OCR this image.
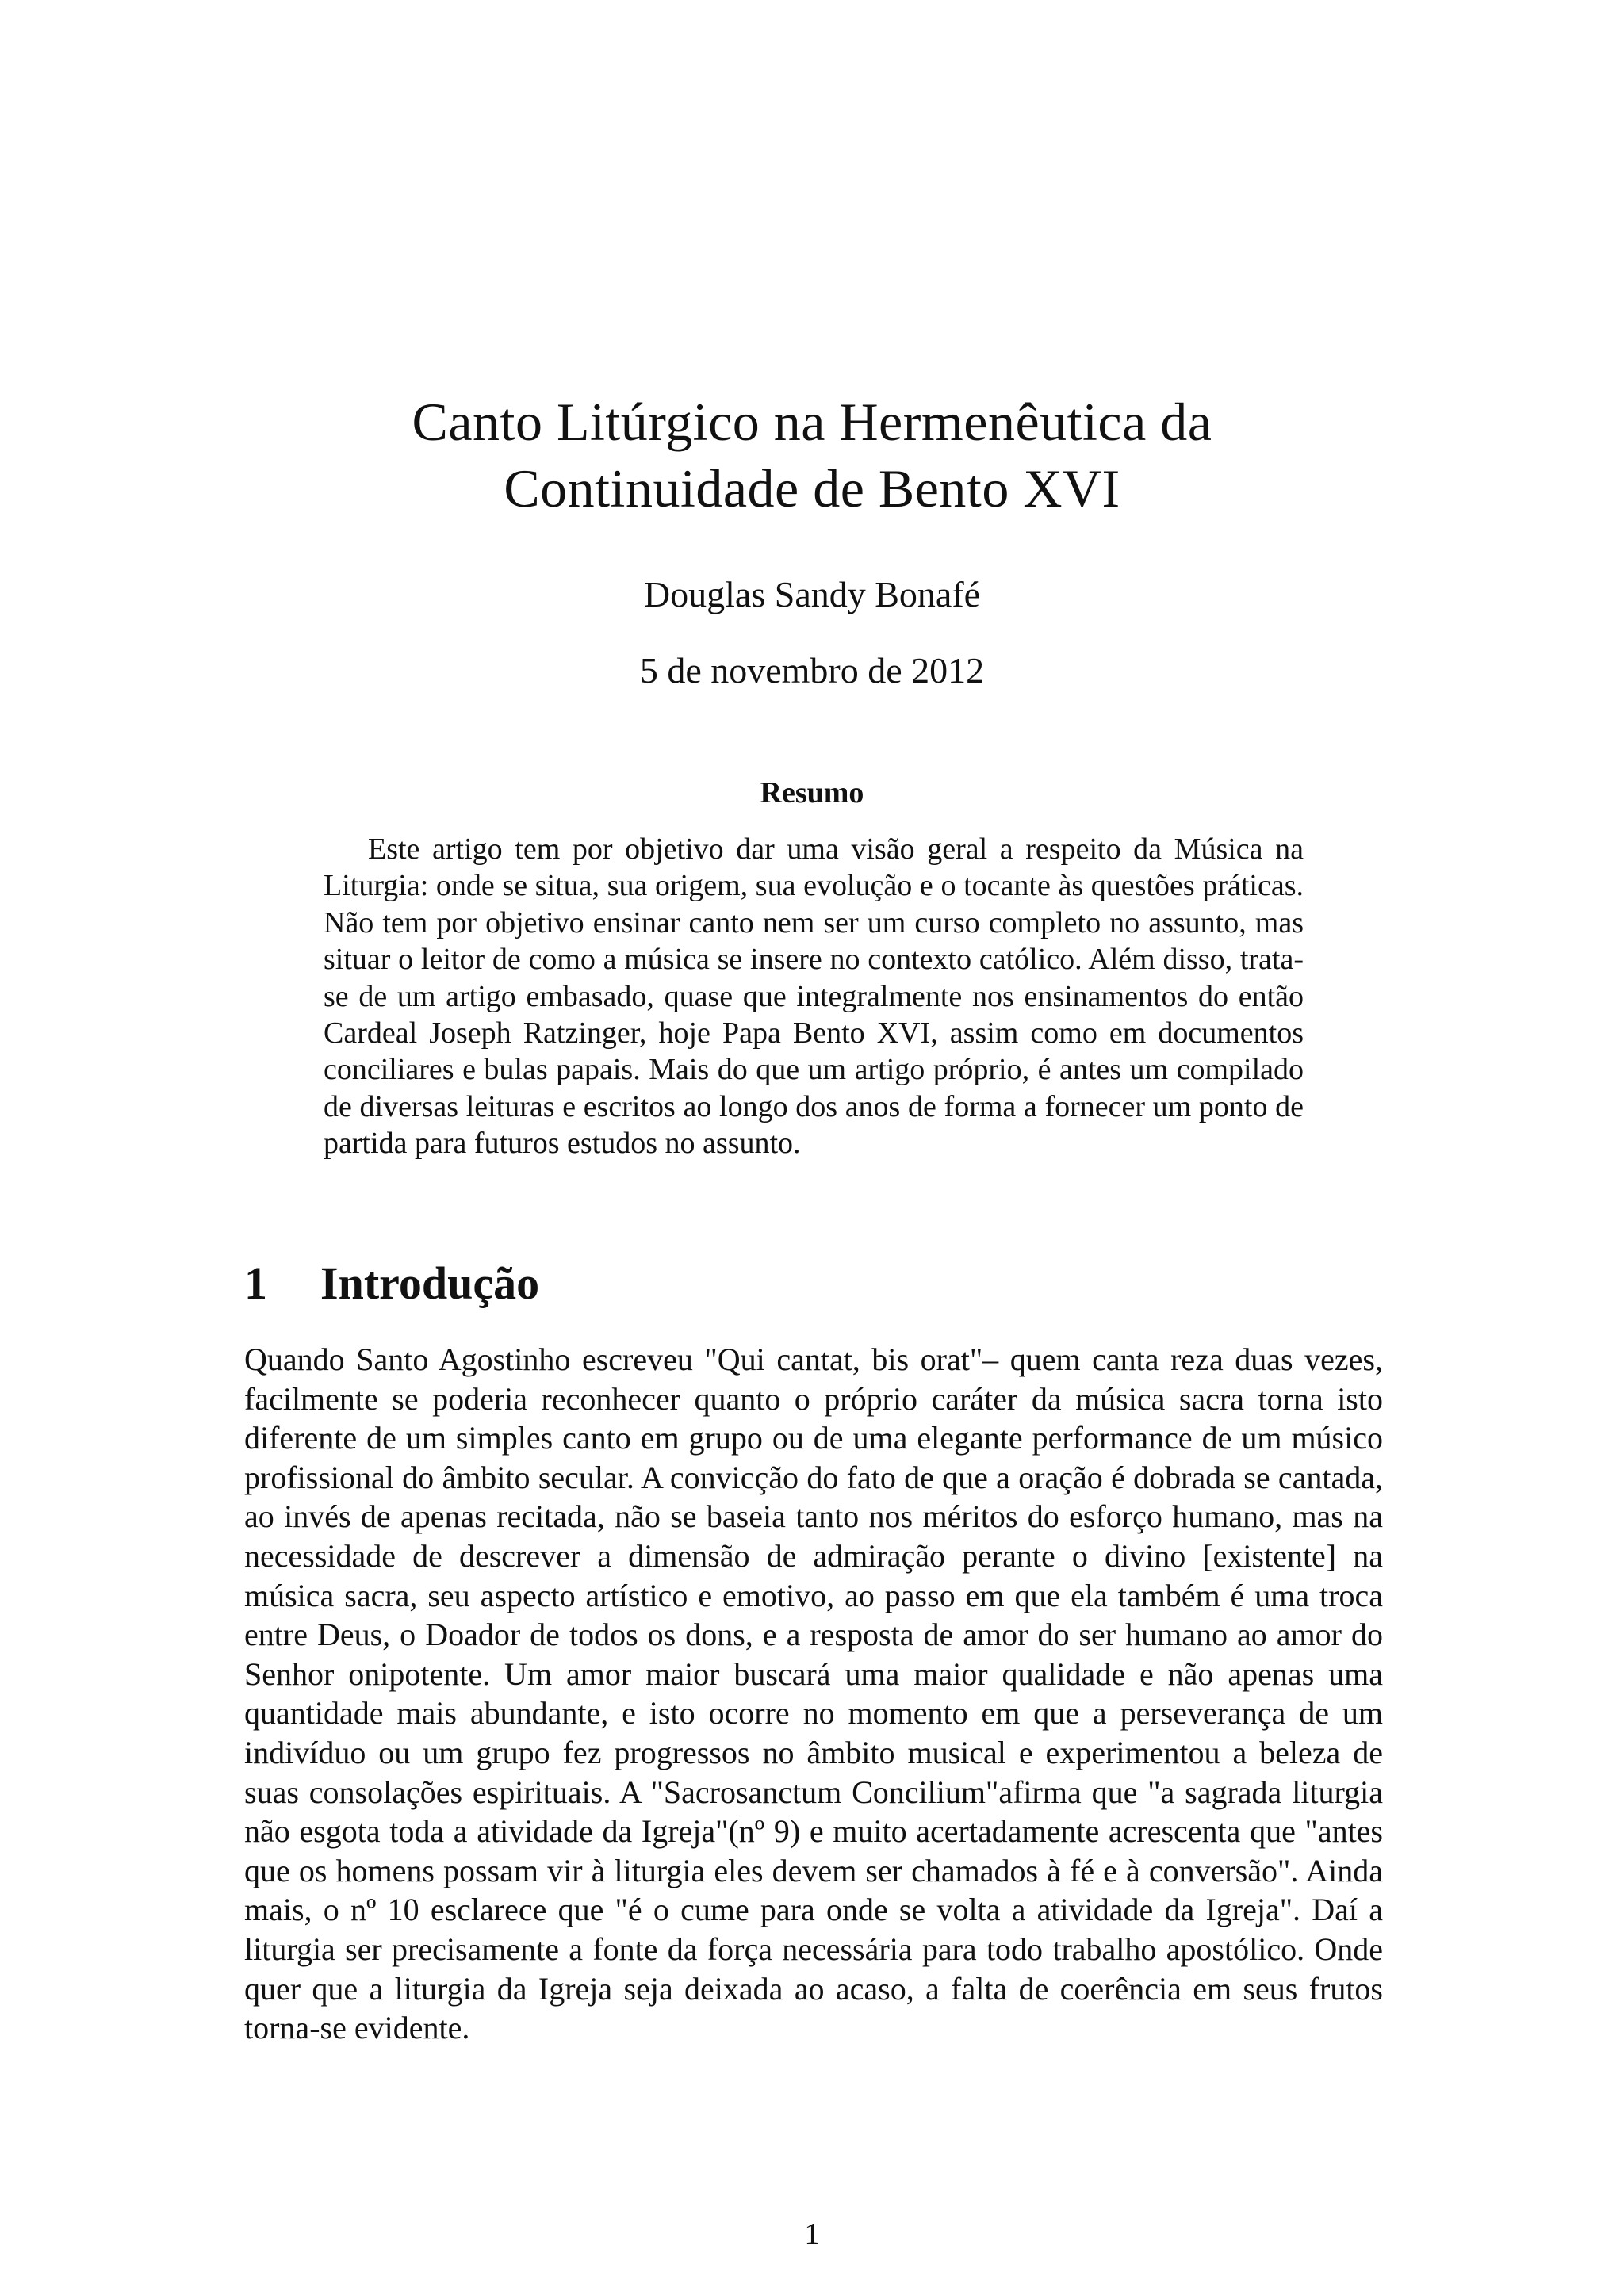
Canto Litúrgico na Hermenêutica da
Continuidade de Bento XVI
Douglas Sandy Bonafé
5 de novembro de 2012
Resumo

Este artigo tem por objetivo dar uma visão geral a respeito da Música na Liturgia: onde se situa, sua origem, sua evolução e o tocante às questões práticas. Não tem por objetivo ensinar canto nem ser um curso completo no assunto, mas situar o leitor de como a música se insere no contexto católico. Além disso, trata-se de um artigo embasado, quase que integralmente nos ensinamentos do então Cardeal Joseph Ratzinger, hoje Papa Bento XVI, assim como em documentos conciliares e bulas papais. Mais do que um artigo próprio, é antes um compilado de diversas leituras e escritos ao longo dos anos de forma a fornecer um ponto de partida para futuros estudos no assunto.

1 Introdução

Quando Santo Agostinho escreveu "Qui cantat, bis orat"– quem canta reza duas vezes, facilmente se poderia reconhecer quanto o próprio caráter da música sacra torna isto diferente de um simples canto em grupo ou de uma elegante performance de um músico profissional do âmbito secular. A convicção do fato de que a oração é dobrada se cantada, ao invés de apenas recitada, não se baseia tanto nos méritos do esforço humano, mas na necessidade de descrever a dimensão de admiração perante o divino [existente] na música sacra, seu aspecto artístico e emotivo, ao passo em que ela também é uma troca entre Deus, o Doador de todos os dons, e a resposta de amor do ser humano ao amor do Senhor onipotente. Um amor maior buscará uma maior qualidade e não apenas uma quantidade mais abundante, e isto ocorre no momento em que a perseverança de um indivíduo ou um grupo fez progressos no âmbito musical e experimentou a beleza de suas consolações espirituais. A "Sacrosanctum Concilium"afirma que "a sagrada liturgia não esgota toda a atividade da Igreja"(nº 9) e muito acertadamente acrescenta que "antes que os homens possam vir à liturgia eles devem ser chamados à fé e à conversão". Ainda mais, o nº 10 esclarece que "é o cume para onde se volta a atividade da Igreja". Daí a liturgia ser precisamente a fonte da força necessária para todo trabalho apostólico. Onde quer que a liturgia da Igreja seja deixada ao acaso, a falta de coerência em seus frutos torna-se evidente.

1
